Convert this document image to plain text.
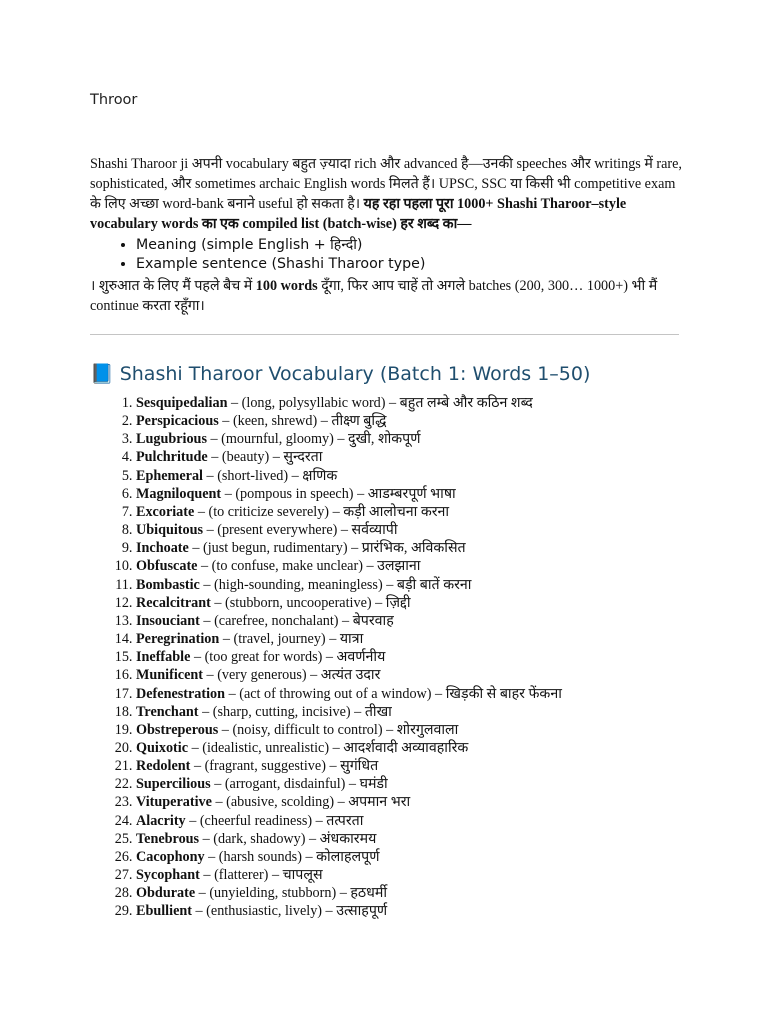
Throor

Shashi Tharoor ji अपनी vocabulary बहुत ज़्यादा rich और advanced है—उनकी speeches और writings में rare, sophisticated, और sometimes archaic English words मिलते हैं। UPSC, SSC या किसी भी competitive exam के लिए अच्छा word-bank बनाने useful हो सकता है। यह रहा पहला पूरा 1000+ Shashi Tharoor–style vocabulary words का एक compiled list (batch-wise) हर शब्द का—

• Meaning (simple English + हिन्दी)
• Example sentence (Shashi Tharoor type)

। शुरुआत के लिए मैं पहले बैच में 100 words दूँगा, फिर आप चाहें तो अगले batches (200, 300… 1000+) भी मैं continue करता रहूँगा।

📘 Shashi Tharoor Vocabulary (Batch 1: Words 1–50)
1. Sesquipedalian – (long, polysyllabic word) – बहुत लम्बे और कठिन शब्द
2. Perspicacious – (keen, shrewd) – तीक्ष्ण बुद्धि
3. Lugubrious – (mournful, gloomy) – दुखी, शोकपूर्ण
4. Pulchritude – (beauty) – सुन्दरता
5. Ephemeral – (short-lived) – क्षणिक
6. Magniloquent – (pompous in speech) – आडम्बरपूर्ण भाषा
7. Excoriate – (to criticize severely) – कड़ी आलोचना करना
8. Ubiquitous – (present everywhere) – सर्वव्यापी
9. Inchoate – (just begun, rudimentary) – प्रारंभिक, अविकसित
10. Obfuscate – (to confuse, make unclear) – उलझाना
11. Bombastic – (high-sounding, meaningless) – बड़ी बातें करना
12. Recalcitrant – (stubborn, uncooperative) – ज़िद्दी
13. Insouciant – (carefree, nonchalant) – बेपरवाह
14. Peregrination – (travel, journey) – यात्रा
15. Ineffable – (too great for words) – अवर्णनीय
16. Munificent – (very generous) – अत्यंत उदार
17. Defenestration – (act of throwing out of a window) – खिड़की से बाहर फेंकना
18. Trenchant – (sharp, cutting, incisive) – तीखा
19. Obstreperous – (noisy, difficult to control) – शोरगुलवाला
20. Quixotic – (idealistic, unrealistic) – आदर्शवादी अव्यावहारिक
21. Redolent – (fragrant, suggestive) – सुगंधित
22. Supercilious – (arrogant, disdainful) – घमंडी
23. Vituperative – (abusive, scolding) – अपमान भरा
24. Alacrity – (cheerful readiness) – तत्परता
25. Tenebrous – (dark, shadowy) – अंधकारमय
26. Cacophony – (harsh sounds) – कोलाहलपूर्ण
27. Sycophant – (flatterer) – चापलूस
28. Obdurate – (unyielding, stubborn) – हठधर्मी
29. Ebullient – (enthusiastic, lively) – उत्साहपूर्ण
